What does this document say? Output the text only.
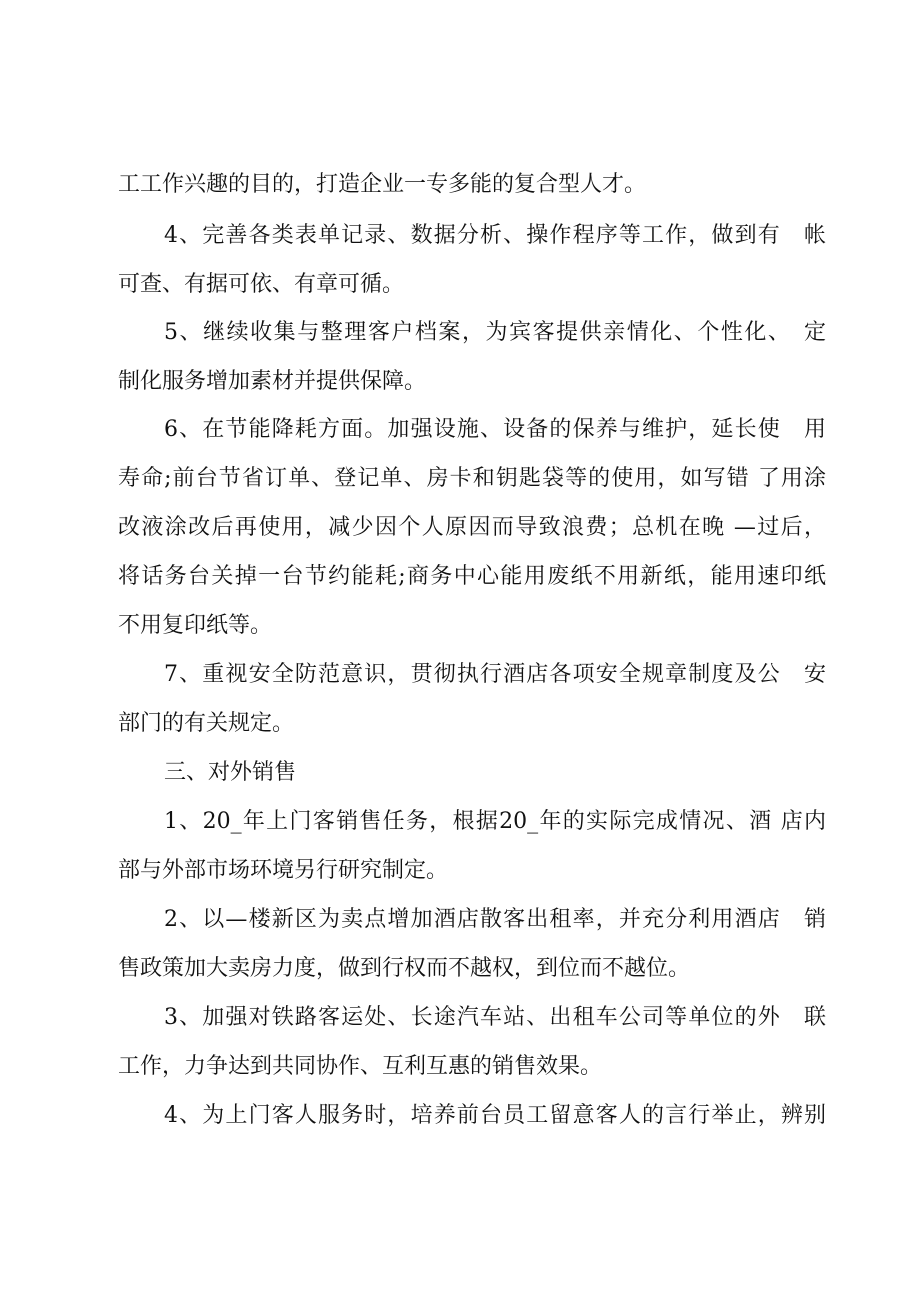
工工作兴趣的目的，打造企业一专多能的复合型人才。
4、完善各类表单记录、数据分析、操作程序等工作，做到有　帐
可查、有据可依、有章可循。
5、继续收集与整理客户档案，为宾客提供亲情化、个性化、　定
制化服务增加素材并提供保障。
6、在节能降耗方面。加强设施、设备的保养与维护，延长使　用
寿命;前台节省订单、登记单、房卡和钥匙袋等的使用，如写错 了用涂
改液涂改后再使用，减少因个人原因而导致浪费；总机在晚 —过后，
将话务台关掉一台节约能耗;商务中心能用废纸不用新纸，能用速印纸
不用复印纸等。
7、重视安全防范意识，贯彻执行酒店各项安全规章制度及公　安
部门的有关规定。
三、对外销售
1、20_年上门客销售任务，根据20_年的实际完成情况、酒 店内
部与外部市场环境另行研究制定。
2、以—楼新区为卖点增加酒店散客出租率，并充分利用酒店　销
售政策加大卖房力度，做到行权而不越权，到位而不越位。
3、加强对铁路客运处、长途汽车站、出租车公司等单位的外　联
工作，力争达到共同协作、互利互惠的销售效果。
4、为上门客人服务时，培养前台员工留意客人的言行举止，辨别
